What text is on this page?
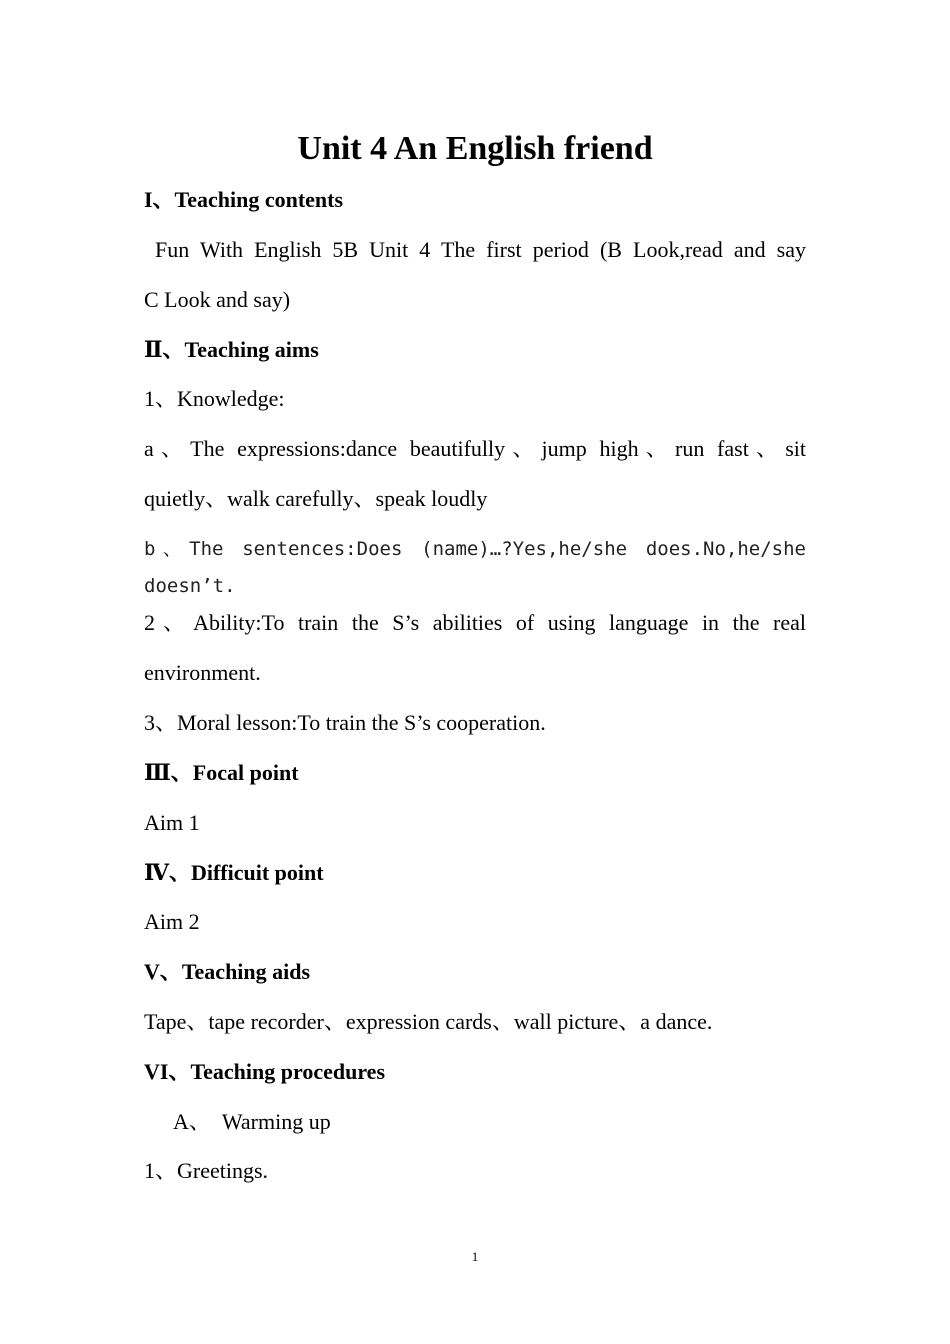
Unit 4 An English friend
I、Teaching contents
Fun With English 5B Unit 4 The first period (B Look,read and say
C Look and say)
Ⅱ、Teaching aims
1、Knowledge:
a、The expressions:dance beautifully、jump high、run fast、sit
quietly、walk carefully、speak loudly
b、The sentences:Does (name)…?Yes,he/she does.No,he/she
doesn’t.
2、Ability:To train the S’s abilities of using language in the real
environment.
3、Moral lesson:To train the S’s cooperation.
Ⅲ、Focal point
Aim 1
Ⅳ、Difficuit point
Aim 2
V、Teaching aids
Tape、tape recorder、expression cards、wall picture、a dance.
VI、Teaching procedures
A、  Warming up
1、Greetings.
1
